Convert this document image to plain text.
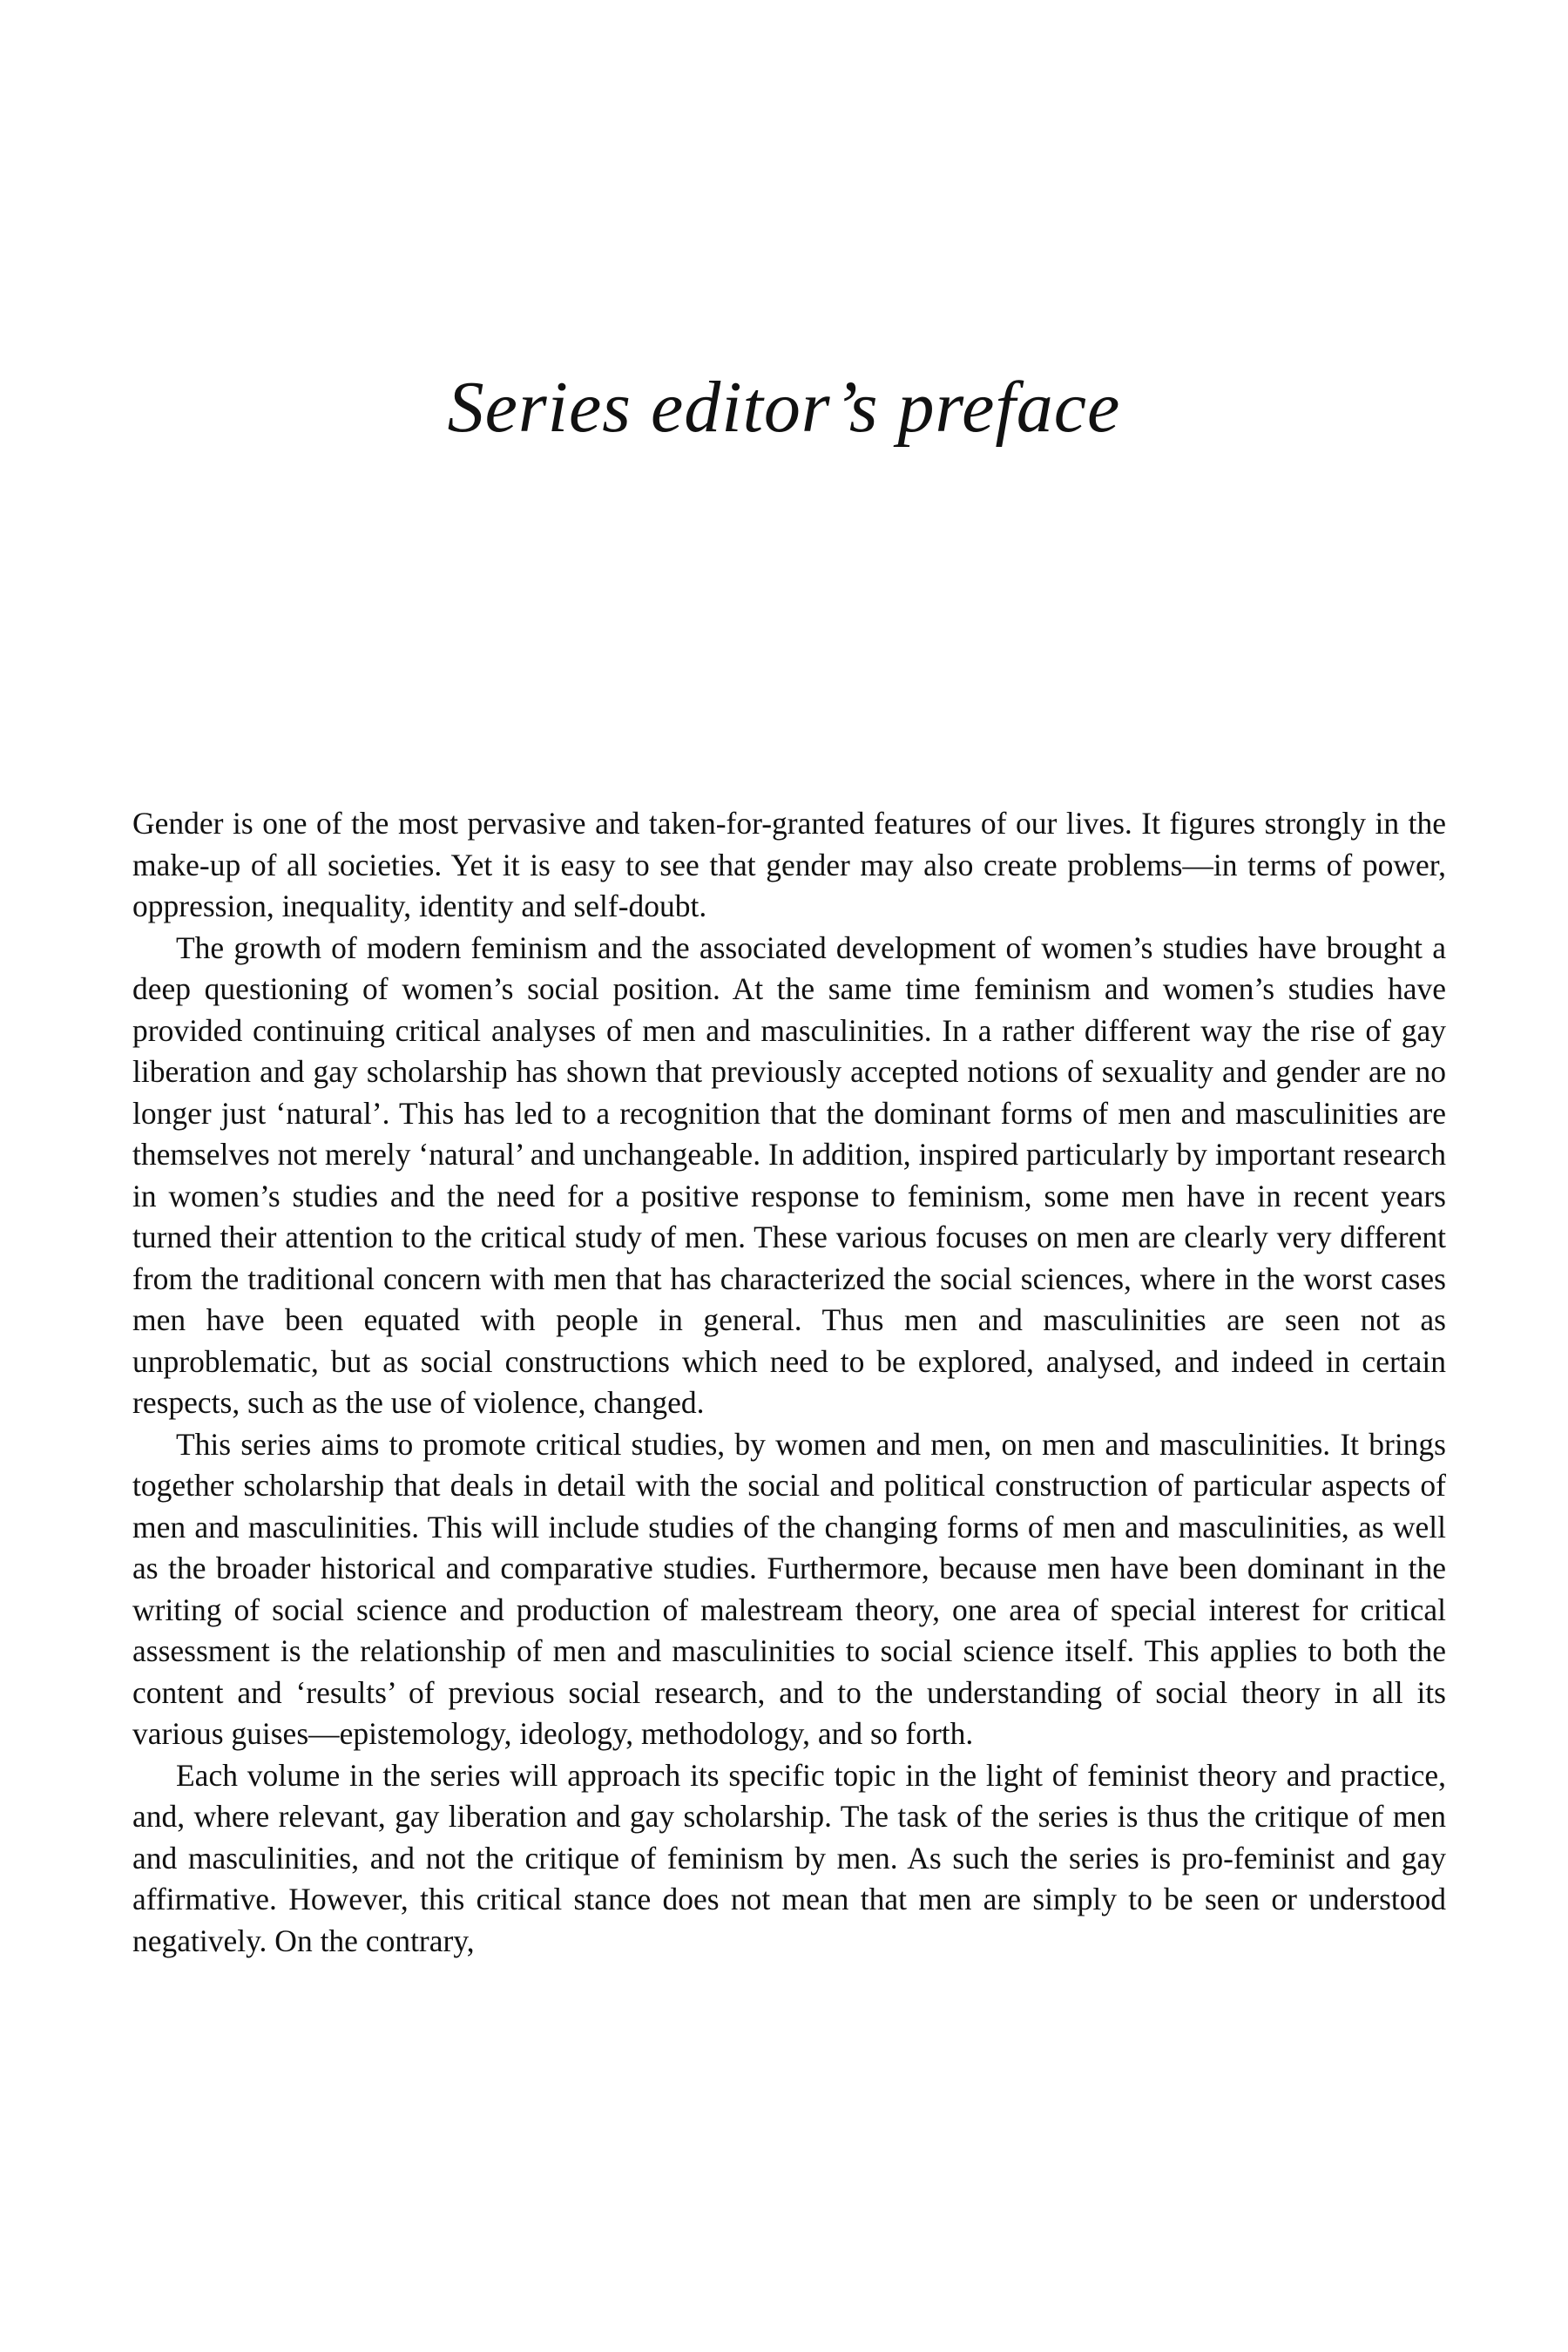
Series editor’s preface

Gender is one of the most pervasive and taken-for-granted features of our lives. It figures strongly in the make-up of all societies. Yet it is easy to see that gender may also create problems—in terms of power, oppression, inequality, identity and self-doubt.

The growth of modern feminism and the associated development of women’s studies have brought a deep questioning of women’s social position. At the same time feminism and women’s studies have provided continuing critical analyses of men and masculinities. In a rather different way the rise of gay liberation and gay scholarship has shown that previously accepted notions of sexuality and gender are no longer just ‘natural’. This has led to a recognition that the dominant forms of men and masculinities are themselves not merely ‘natural’ and unchangeable. In addition, inspired particularly by important research in women’s studies and the need for a positive response to feminism, some men have in recent years turned their attention to the critical study of men. These various focuses on men are clearly very different from the traditional concern with men that has characterized the social sciences, where in the worst cases men have been equated with people in general. Thus men and masculinities are seen not as unproblematic, but as social constructions which need to be explored, analysed, and indeed in certain respects, such as the use of violence, changed.

This series aims to promote critical studies, by women and men, on men and masculinities. It brings together scholarship that deals in detail with the social and political construction of particular aspects of men and masculinities. This will include studies of the changing forms of men and masculinities, as well as the broader historical and comparative studies. Furthermore, because men have been dominant in the writing of social science and production of malestream theory, one area of special interest for critical assessment is the relationship of men and masculinities to social science itself. This applies to both the content and ‘results’ of previous social research, and to the understanding of social theory in all its various guises—epistemology, ideology, methodology, and so forth.

Each volume in the series will approach its specific topic in the light of feminist theory and practice, and, where relevant, gay liberation and gay scholarship. The task of the series is thus the critique of men and masculinities, and not the critique of feminism by men. As such the series is pro-feminist and gay affirmative. However, this critical stance does not mean that men are simply to be seen or understood negatively. On the contrary,
